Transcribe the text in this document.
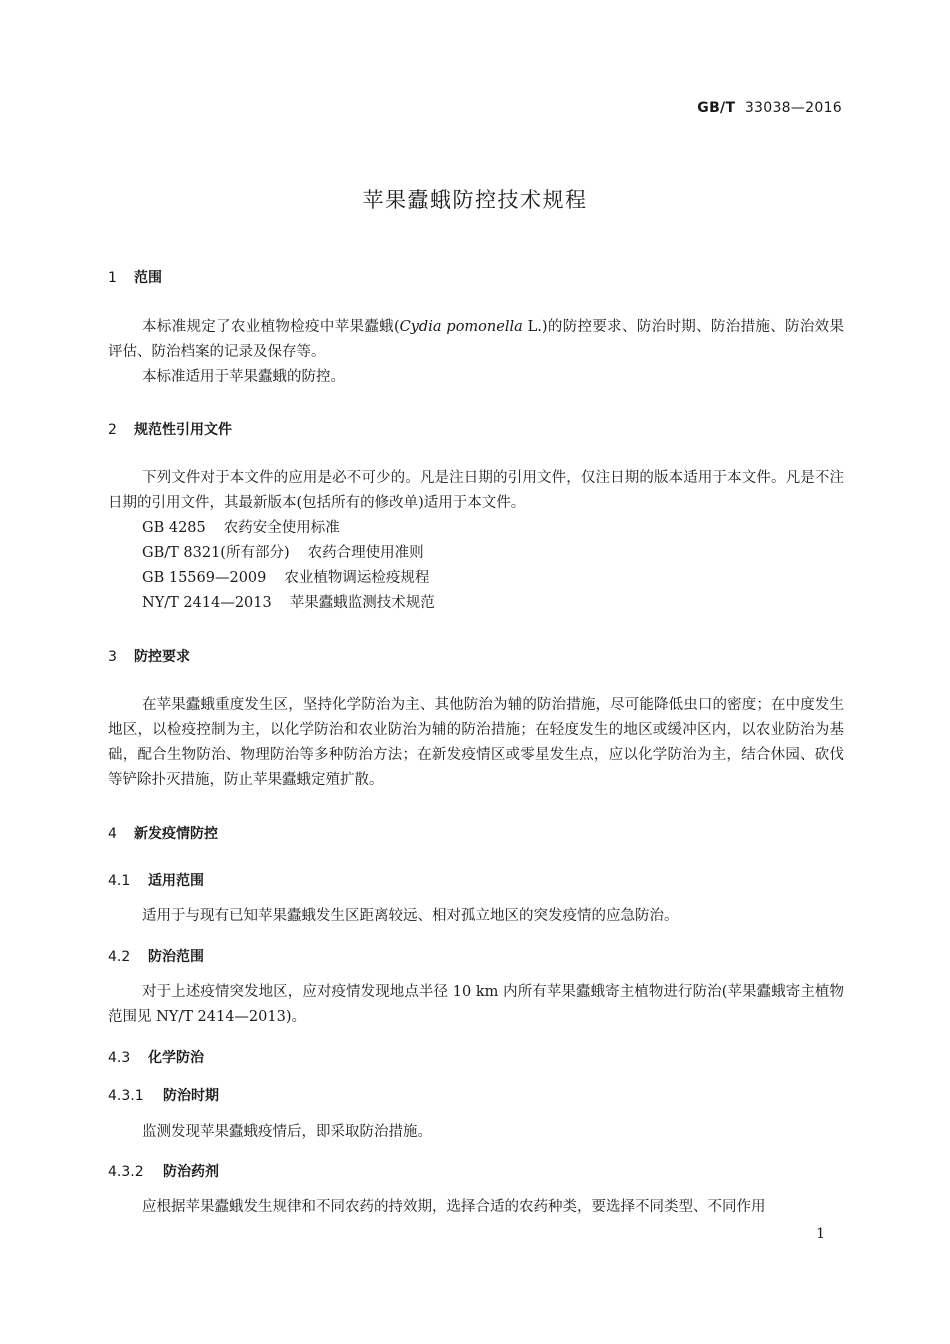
GB/T 33038—2016
苹果蠹蛾防控技术规程
1 范围
本标准规定了农业植物检疫中苹果蠹蛾(Cydia pomonella L.)的防控要求、防治时期、防治措施、防治效果评估、防治档案的记录及保存等。
本标准适用于苹果蠹蛾的防控。
2 规范性引用文件
下列文件对于本文件的应用是必不可少的。凡是注日期的引用文件，仅注日期的版本适用于本文件。凡是不注日期的引用文件，其最新版本(包括所有的修改单)适用于本文件。
GB 4285 农药安全使用标准
GB/T 8321(所有部分) 农药合理使用准则
GB 15569—2009 农业植物调运检疫规程
NY/T 2414—2013 苹果蠹蛾监测技术规范
3 防控要求
在苹果蠹蛾重度发生区，坚持化学防治为主、其他防治为辅的防治措施，尽可能降低虫口的密度；在中度发生地区，以检疫控制为主，以化学防治和农业防治为辅的防治措施；在轻度发生的地区或缓冲区内，以农业防治为基础，配合生物防治、物理防治等多种防治方法；在新发疫情区或零星发生点，应以化学防治为主，结合休园、砍伐等铲除扑灭措施，防止苹果蠹蛾定殖扩散。
4 新发疫情防控
4.1 适用范围
适用于与现有已知苹果蠹蛾发生区距离较远、相对孤立地区的突发疫情的应急防治。
4.2 防治范围
对于上述疫情突发地区，应对疫情发现地点半径 10 km 内所有苹果蠹蛾寄主植物进行防治(苹果蠹蛾寄主植物范围见 NY/T 2414—2013)。
4.3 化学防治
4.3.1 防治时期
监测发现苹果蠹蛾疫情后，即采取防治措施。
4.3.2 防治药剂
应根据苹果蠹蛾发生规律和不同农药的持效期，选择合适的农药种类，要选择不同类型、不同作用
1
